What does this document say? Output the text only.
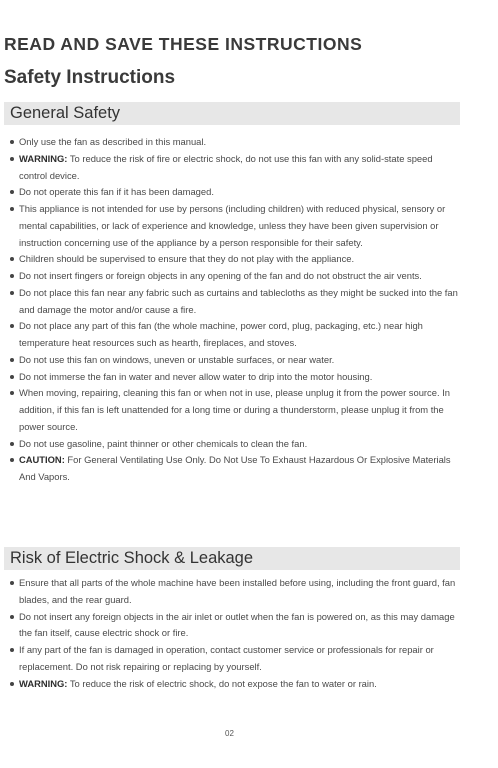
READ AND SAVE THESE INSTRUCTIONS
Safety Instructions
General Safety
Only use the fan as described in this manual.
WARNING: To reduce the risk of fire or electric shock, do not use this fan with any solid-state speed control device.
Do not operate this fan if it has been damaged.
This appliance is not intended for use by persons (including children) with reduced physical, sensory or mental capabilities, or lack of experience and knowledge, unless they have been given supervision or instruction concerning use of the appliance by a person responsible for their safety.
Children should be supervised to ensure that they do not play with the appliance.
Do not insert fingers or foreign objects in any opening of the fan and do not obstruct the air vents.
Do not place this fan near any fabric such as curtains and tablecloths as they might be sucked into the fan and damage the motor and/or cause a fire.
Do not place any part of this fan (the whole machine, power cord, plug, packaging, etc.) near high temperature heat resources such as hearth, fireplaces, and stoves.
Do not use this fan on windows, uneven or unstable surfaces, or near water.
Do not immerse the fan in water and never allow water to drip into the motor housing.
When moving, repairing, cleaning this fan or when not in use, please unplug it from the power source. In addition, if this fan is left unattended for a long time or during a thunderstorm, please unplug it from the power source.
Do not use gasoline, paint thinner or other chemicals to clean the fan.
CAUTION: For General Ventilating Use Only. Do Not Use To Exhaust Hazardous Or Explosive Materials And Vapors.
Risk of Electric Shock & Leakage
Ensure that all parts of the whole machine have been installed before using, including the front guard, fan blades, and the rear guard.
Do not insert any foreign objects in the air inlet or outlet when the fan is powered on, as this may damage the fan itself, cause electric shock or fire.
If any part of the fan is damaged in operation, contact customer service or professionals for repair or replacement. Do not risk repairing or replacing by yourself.
WARNING: To reduce the risk of electric shock, do not expose the fan to water or rain.
02
